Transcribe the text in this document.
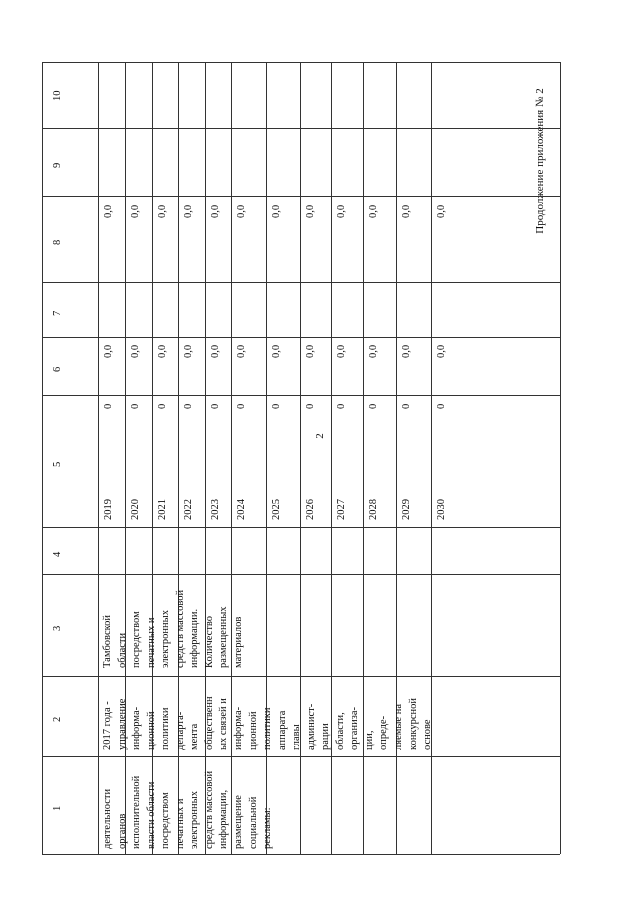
2
Продолжение приложения № 2
1
2
3
4
5
6
7
8
9
10
деятельности органов исполнительной власти области посредством печатных и электронных средств массовой информации, размещение социальной рекламы:
2017 года - управление информа- ционной политики департа- мента общественн ых связей и информа- ционной политики аппарата главы админист- рации области, организа- ции, опреде- ляемые на конкурсной основе
Тамбовской области посредством печатных и электронных средств массовой информации. Количество размещенных материалов
2019
0
0,0
0,0
2020
0
0,0
0,0
2021
0
0,0
0,0
2022
0
0,0
0,0
2023
0
0,0
0,0
2024
0
0,0
0,0
2025
0
0,0
0,0
2026
0
0,0
0,0
2027
0
0,0
0,0
2028
0
0,0
0,0
2029
0
0,0
0,0
2030
0
0,0
0,0
